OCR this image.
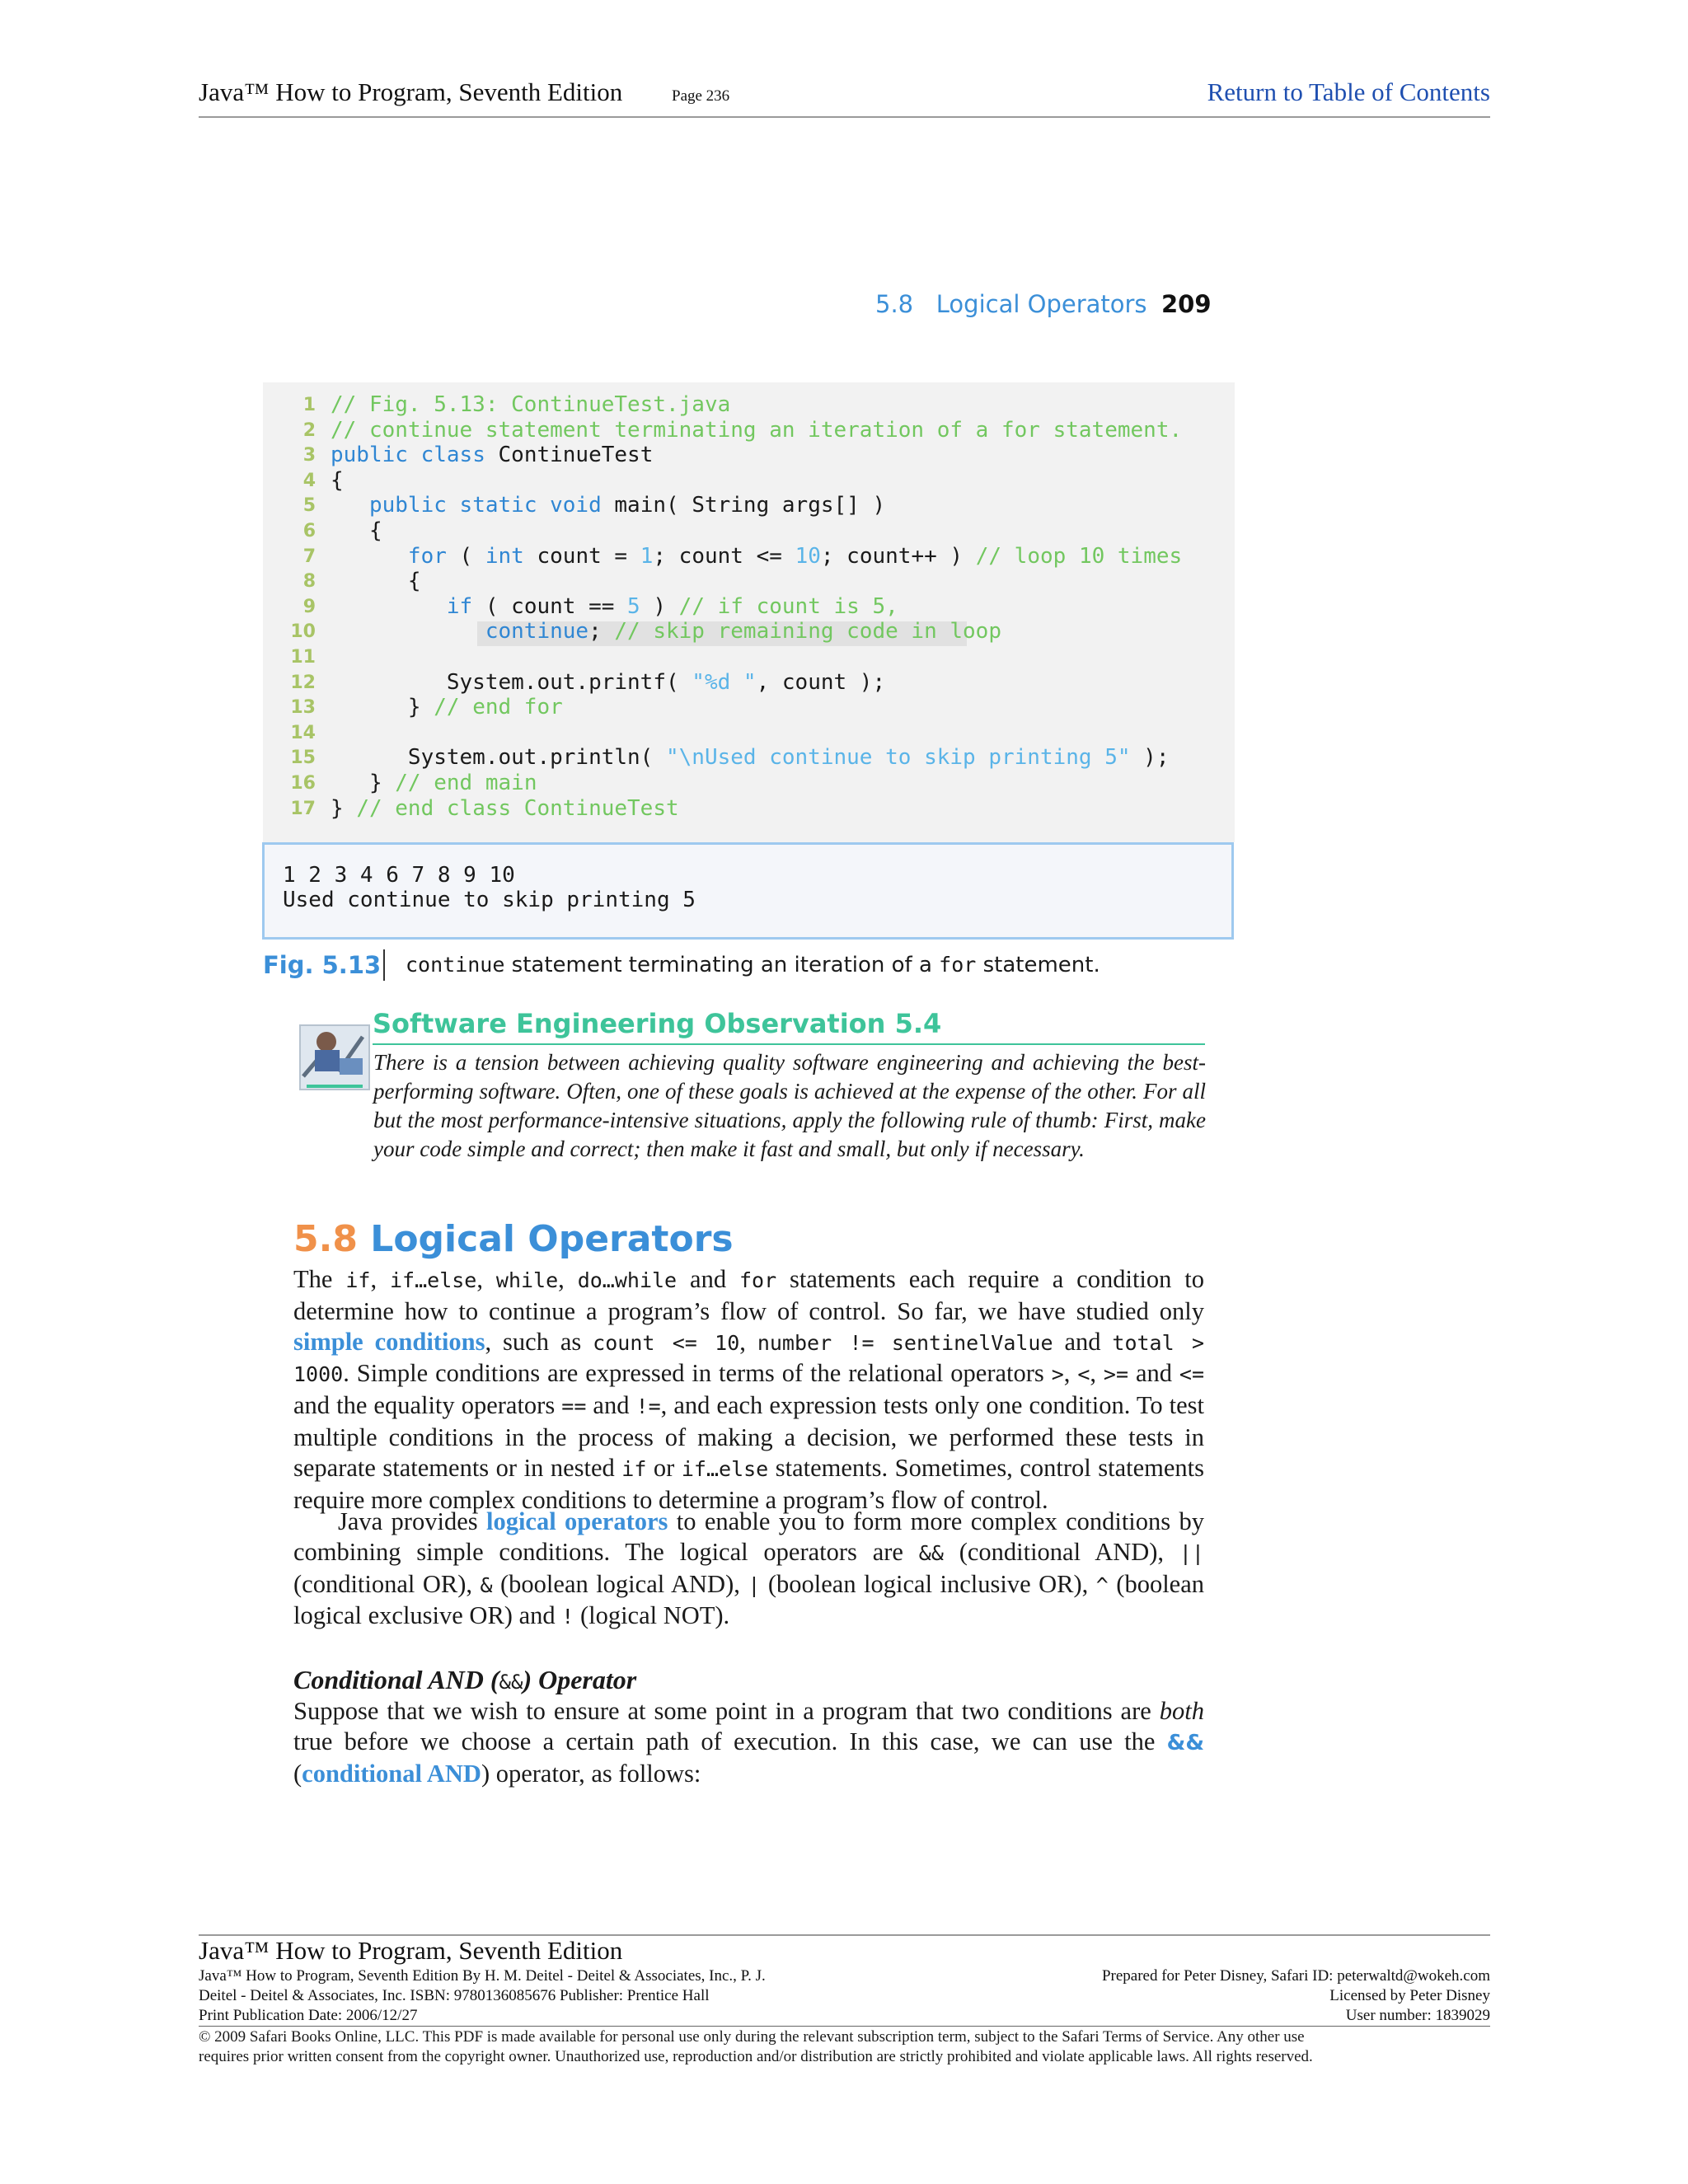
Java™ How to Program, Seventh Edition	Page 236	Return to Table of Contents
5.8   Logical Operators 209
1 // Fig. 5.13: ContinueTest.java
2 // continue statement terminating an iteration of a for statement.
3 public class ContinueTest
4 {
5	public static void main( String args[] )
6 {
7	for ( int count = 1; count <= 10; count++ ) // loop 10 times
8 {
9	if ( count == 5 ) // if count is 5,
10	continue; // skip remaining code in loop
11
12 System.out.printf( "%d ", count );
13 } // end for
14
15 System.out.println( "\nUsed continue to skip printing 5" );
16 } // end main
17 } // end class ContinueTest
1 2 3 4 6 7 8 9 10
Used continue to skip printing 5
Fig. 5.13 continue statement terminating an iteration of a for statement.
Software Engineering Observation 5.4
There is a tension between achieving quality software engineering and achieving the best-performing software. Often, one of these goals is achieved at the expense of the other. For all but the most performance-intensive situations, apply the following rule of thumb: First, make your code simple and correct; then make it fast and small, but only if necessary.
5.8 Logical Operators
The if, if…else, while, do…while and for statements each require a condition to determine how to continue a program’s flow of control. So far, we have studied only simple conditions, such as count <= 10, number != sentinelValue and total > 1000. Simple conditions are expressed in terms of the relational operators >, <, >= and <= and the equality operators == and !=, and each expression tests only one condition. To test multiple conditions in the process of making a decision, we performed these tests in separate statements or in nested if or if…else statements. Sometimes, control statements require more complex conditions to determine a program’s flow of control.
Java provides logical operators to enable you to form more complex conditions by combining simple conditions. The logical operators are && (conditional AND), || (conditional OR), & (boolean logical AND), | (boolean logical inclusive OR), ^ (boolean logical exclusive OR) and ! (logical NOT).
Conditional AND (&&) Operator
Suppose that we wish to ensure at some point in a program that two conditions are both true before we choose a certain path of execution. In this case, we can use the && (conditional AND) operator, as follows:
Java™ How to Program, Seventh Edition
Java™ How to Program, Seventh Edition By H. M. Deitel - Deitel & Associates, Inc., P. J.
Deitel - Deitel & Associates, Inc. ISBN: 9780136085676 Publisher: Prentice Hall
Print Publication Date: 2006/12/27
Prepared for Peter Disney, Safari ID: peterwaltd@wokeh.com
Licensed by Peter Disney
User number: 1839029
© 2009 Safari Books Online, LLC. This PDF is made available for personal use only during the relevant subscription term, subject to the Safari Terms of Service. Any other use
requires prior written consent from the copyright owner. Unauthorized use, reproduction and/or distribution are strictly prohibited and violate applicable laws. All rights reserved.
